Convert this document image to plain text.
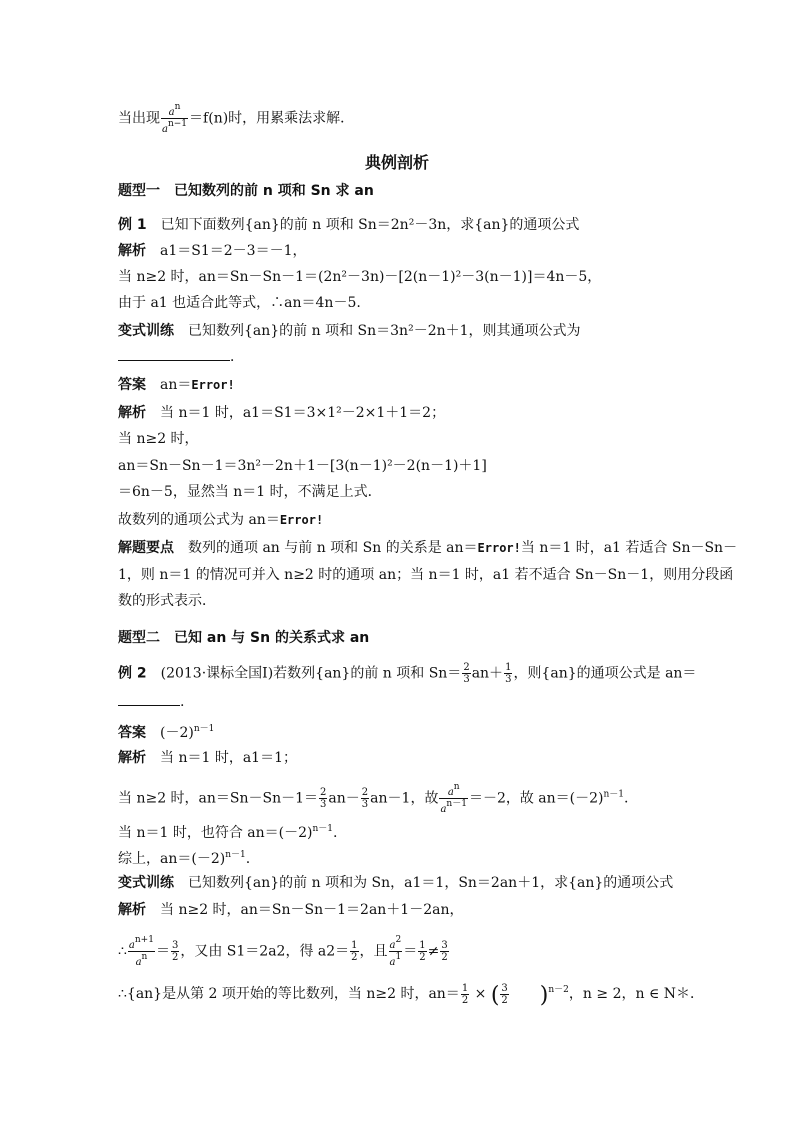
当出现 $\frac{an}{an-1} =f(n)$时，用累乘法求解．
典例剖析
题型一　已知数列的前 n 项和 Sn 求 an
例 1　 已知下面数列{an}的前 n 项和 Sn＝2n²－3n，求{an}的通项公式
解析　 a1＝S1＝2－3＝－1，
当 n≥2 时，an＝Sn－Sn－1＝(2n²－3n)－[2(n－1)²－3(n－1)]＝4n－5，
由于 a1 也适合此等式，∴an＝4n－5.
变式训练　 已知数列{an}的前 n 项和 Sn＝3n²－2n＋1，则其通项公式为
．
答案　 an＝Error!
解析　 当 n＝1 时，a1＝S1＝3×1²－2×1＋1＝2；
当 n≥2 时，
an＝Sn－Sn－1＝3n²－2n＋1－[3(n－1)²－2(n－1)＋1]
＝6n－5，显然当 n＝1 时，不满足上式．
故数列的通项公式为 an＝Error!
解题要点　 数列的通项 an 与前 n 项和 Sn 的关系是 an＝Error!当 n＝1 时，a1 若适合 Sn－Sn－
1，则 n＝1 的情况可并入 n≥2 时的通项 an；当 n＝1 时，a1 若不适合 Sn－Sn－1，则用分段函
数的形式表示．
题型二　已知 an 与 Sn 的关系式求 an
例 2　 (2013·课标全国Ⅰ)若数列{an}的前 n 项和 $Sn= \frac{2}{3} an+ \frac{1}{3}$ ，则{an}的通项公式是 an＝
.
答案　 $(-2)^{n-1}$
解析　 当 n＝1 时，a1＝1；
当 n≥2 时，$an=Sn-Sn-1= \frac{2}{3} an- \frac{2}{3} an-1$，故 $\frac{an}{an-1} =-2$，故 $an=(-2)^{n-1}$.
当 n＝1 时，也符合 $an=(-2)^{n-1}$.
综上，$an=(-2)^{n-1}$.
变式训练　 已知数列{an}的前 n 项和为 Sn，a1＝1，Sn＝2an＋1，求{an}的通项公式
解析　 当 n≥2 时，an＝Sn－Sn－1＝2an＋1－2an，
∴ $\frac{an+1}{an} = \frac{3}{2}$ ，又由 S1＝2a2，得 $a2= \frac{1}{2}$ ，且 $\frac{a2}{a1} = \frac{1}{2} \ne \frac{3}{2}$
∴{an}是从第 2 项开始的等比数列，当 n≥2 时，$an= \frac{1}{2}$ × ( $\frac{3}{2} )^{n-2}$，n ≥ 2，n ∈ N＊．
